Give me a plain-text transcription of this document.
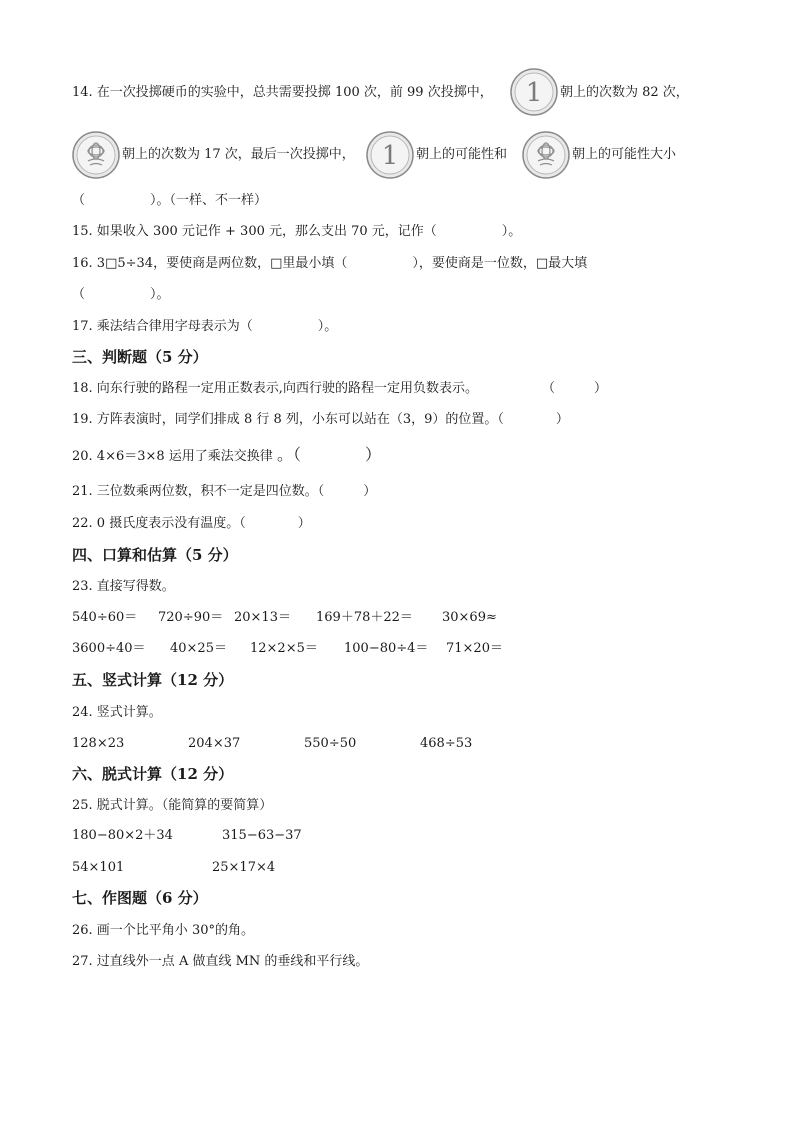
14. 在一次投掷硬币的实验中，总共需要投掷 100 次，前 99 次投掷中， 1 朝上的次数为 82 次，
朝上的次数为 17 次，最后一次投掷中， 1 朝上的可能性和	朝上的可能性大小
（　　　　　）。（一样、不一样）
15. 如果收入 300 元记作 + 300 元，那么支出 70 元，记作（　　　　　）。
16. 3□5÷34，要使商是两位数，□里最小填（　　　　　），要使商是一位数，□最大填
（　　　　　）。
17. 乘法结合律用字母表示为（　　　　　）。
三、判断题（5 分）
18. 向东行驶的路程一定用正数表示,向西行驶的路程一定用负数表示。	（　　　）
19. 方阵表演时，同学们排成 8 行 8 列，小东可以站在（3，9）的位置。（　　　　）
20. 4×6＝3×8 运用了乘法交换律 。（　　　　）
21. 三位数乘两位数，积不一定是四位数。（　　　）
22. 0 摄氏度表示没有温度。（　　　　）
四、口算和估算（5 分）
23. 直接写得数。
540÷60＝ 720÷90＝ 20×13＝ 169＋78＋22＝ 30×69≈
3600÷40＝ 40×25＝ 12×2×5＝ 100−80÷4＝ 71×20＝
五、竖式计算（12 分）
24. 竖式计算。
128×23	204×37	550÷50	468÷53
六、脱式计算（12 分）
25. 脱式计算。（能简算的要简算）
180−80×2＋34	315−63−37
54×101	25×17×4
七、作图题（6 分）
26. 画一个比平角小 30°的角。
27. 过直线外一点 A 做直线 MN 的垂线和平行线。
